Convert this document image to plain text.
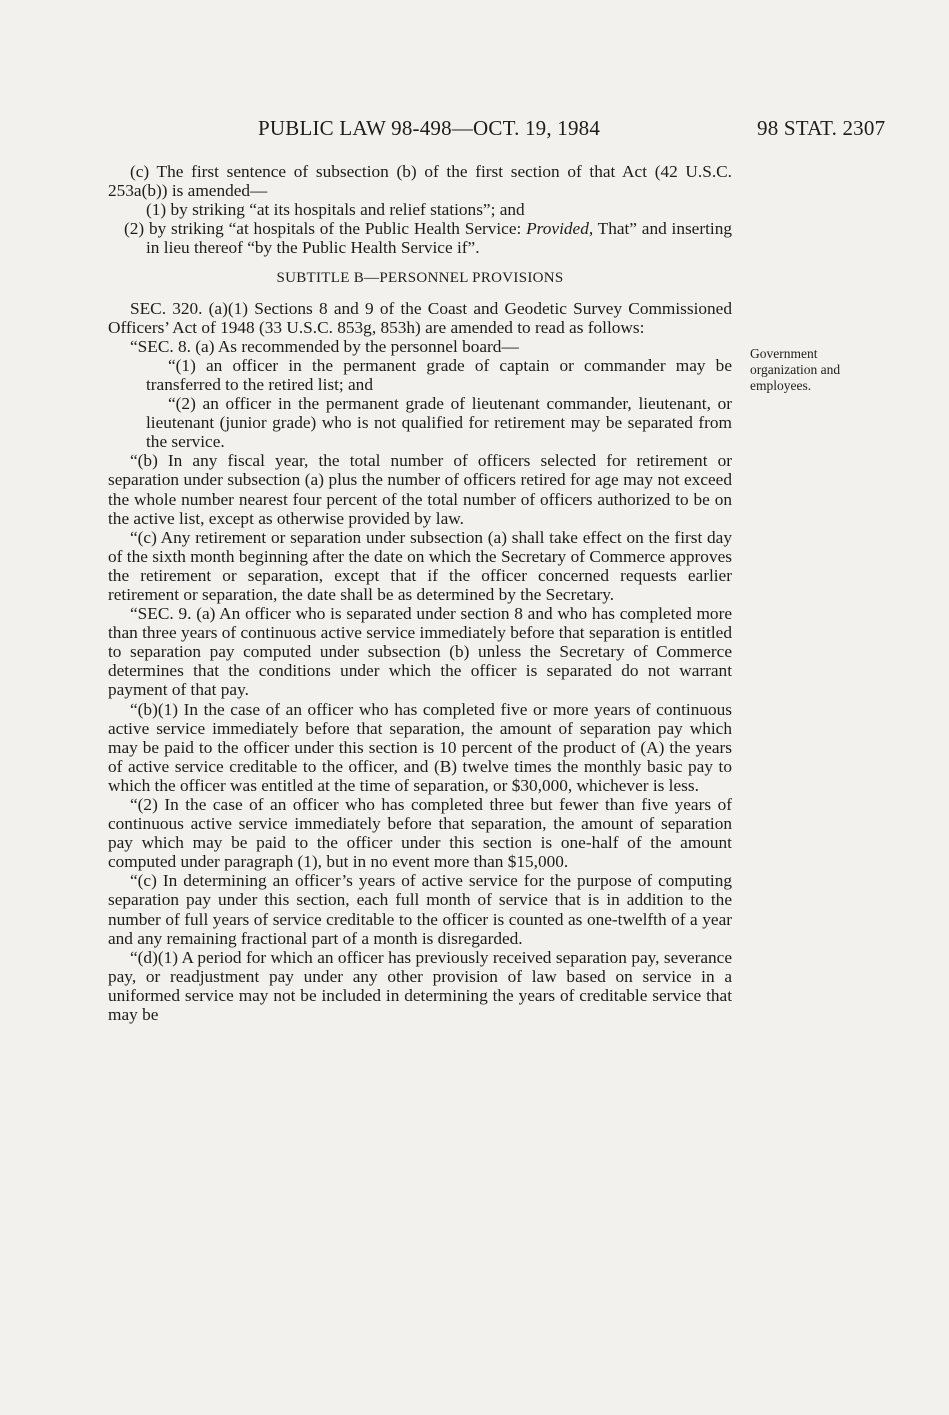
PUBLIC LAW 98-498—OCT. 19, 1984	98 STAT. 2307

(c) The first sentence of subsection (b) of the first section of that Act (42 U.S.C. 253a(b)) is amended—

(1) by striking “at its hospitals and relief stations”; and

(2) by striking “at hospitals of the Public Health Service: Provided, That” and inserting in lieu thereof “by the Public Health Service if”.

SUBTITLE B—PERSONNEL PROVISIONS

SEC. 320. (a)(1) Sections 8 and 9 of the Coast and Geodetic Survey Commissioned Officers’ Act of 1948 (33 U.S.C. 853g, 853h) are amended to read as follows:

“SEC. 8. (a) As recommended by the personnel board—

“(1) an officer in the permanent grade of captain or commander may be transferred to the retired list; and

“(2) an officer in the permanent grade of lieutenant commander, lieutenant, or lieutenant (junior grade) who is not qualified for retirement may be separated from the service.

“(b) In any fiscal year, the total number of officers selected for retirement or separation under subsection (a) plus the number of officers retired for age may not exceed the whole number nearest four percent of the total number of officers authorized to be on the active list, except as otherwise provided by law.

“(c) Any retirement or separation under subsection (a) shall take effect on the first day of the sixth month beginning after the date on which the Secretary of Commerce approves the retirement or separation, except that if the officer concerned requests earlier retirement or separation, the date shall be as determined by the Secretary.

“SEC. 9. (a) An officer who is separated under section 8 and who has completed more than three years of continuous active service immediately before that separation is entitled to separation pay computed under subsection (b) unless the Secretary of Commerce determines that the conditions under which the officer is separated do not warrant payment of that pay.

“(b)(1) In the case of an officer who has completed five or more years of continuous active service immediately before that separation, the amount of separation pay which may be paid to the officer under this section is 10 percent of the product of (A) the years of active service creditable to the officer, and (B) twelve times the monthly basic pay to which the officer was entitled at the time of separation, or $30,000, whichever is less.

“(2) In the case of an officer who has completed three but fewer than five years of continuous active service immediately before that separation, the amount of separation pay which may be paid to the officer under this section is one-half of the amount computed under paragraph (1), but in no event more than $15,000.

“(c) In determining an officer’s years of active service for the purpose of computing separation pay under this section, each full month of service that is in addition to the number of full years of service creditable to the officer is counted as one-twelfth of a year and any remaining fractional part of a month is disregarded.

“(d)(1) A period for which an officer has previously received separation pay, severance pay, or readjustment pay under any other provision of law based on service in a uniformed service may not be included in determining the years of creditable service that may be

Government
organization and
employees.
